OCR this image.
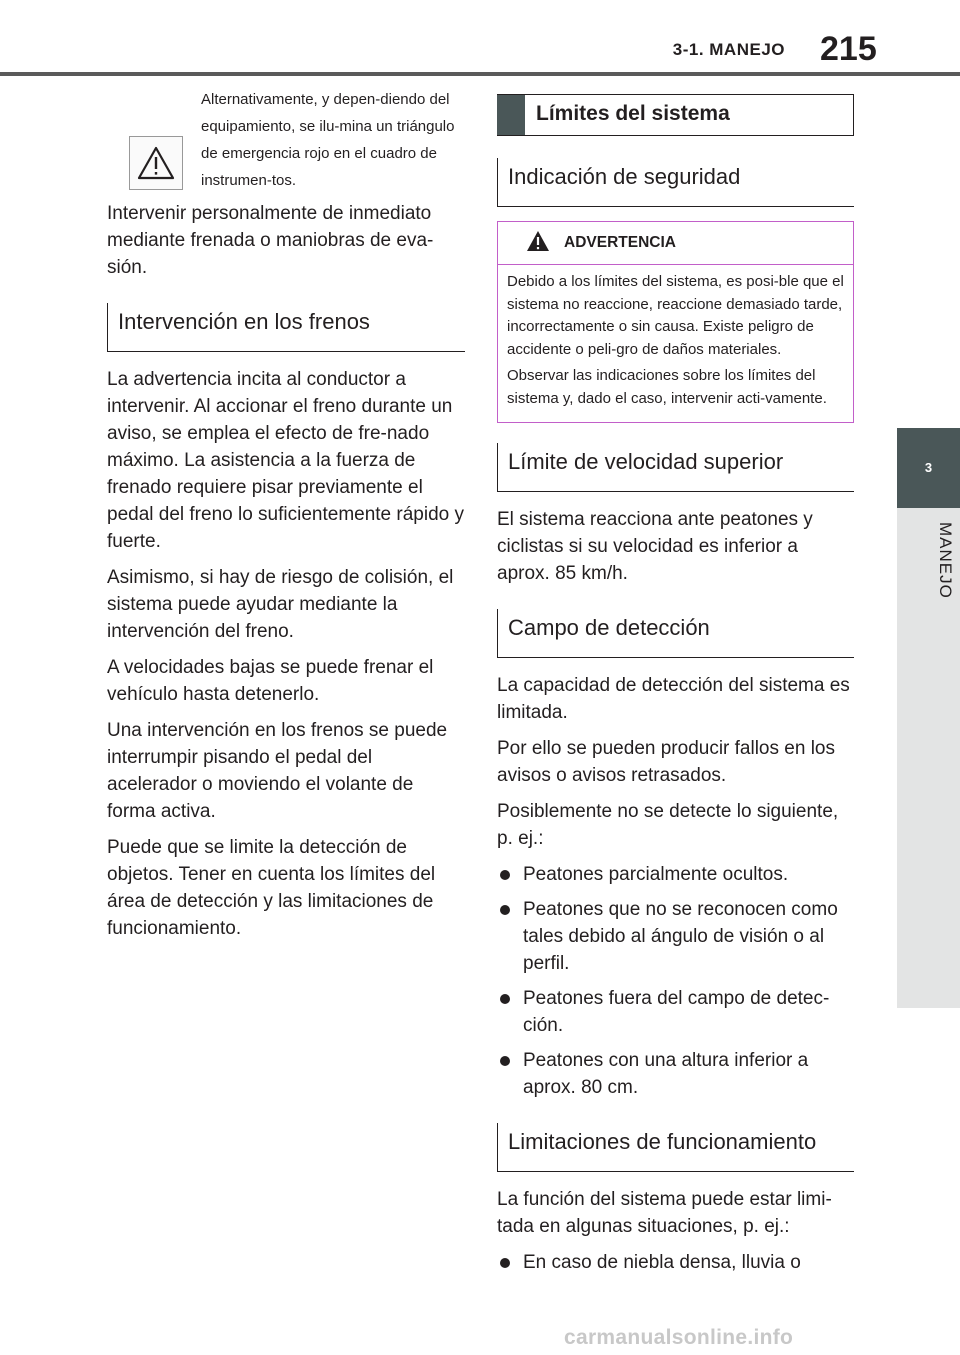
3-1. MANEJO 215
3
MANEJO
Alternativamente, y depen-diendo del equipamiento, se ilu-mina un triángulo de emergencia rojo en el cuadro de instrumen-tos.

Intervenir personalmente de inmediato mediante frenada o maniobras de eva-sión.

Intervención en los frenos

La advertencia incita al conductor a intervenir. Al accionar el freno durante un aviso, se emplea el efecto de fre-nado máximo. La asistencia a la fuerza de frenado requiere pisar previamente el pedal del freno lo suficientemente rápido y fuerte.

Asimismo, si hay de riesgo de colisión, el sistema puede ayudar mediante la intervención del freno.

A velocidades bajas se puede frenar el vehículo hasta detenerlo.

Una intervención en los frenos se puede interrumpir pisando el pedal del acelerador o moviendo el volante de forma activa.

Puede que se limite la detección de objetos. Tener en cuenta los límites del área de detección y las limitaciones de funcionamiento.

Límites del sistema
Indicación de seguridad
ADVERTENCIA

Debido a los límites del sistema, es posi-ble que el sistema no reaccione, reaccione demasiado tarde, incorrectamente o sin causa. Existe peligro de accidente o peli-gro de daños materiales.

Observar las indicaciones sobre los límites del sistema y, dado el caso, intervenir acti-vamente.

Límite de velocidad superior

El sistema reacciona ante peatones y ciclistas si su velocidad es inferior a aprox. 85 km/h.

Campo de detección

La capacidad de detección del sistema es limitada.

Por ello se pueden producir fallos en los avisos o avisos retrasados.

Posiblemente no se detecte lo siguiente, p. ej.:

Peatones parcialmente ocultos.
Peatones que no se reconocen como tales debido al ángulo de visión o al perfil.
Peatones fuera del campo de detec-ción.
Peatones con una altura inferior a aprox. 80 cm.
Limitaciones de funcionamiento

La función del sistema puede estar limi-tada en algunas situaciones, p. ej.:

En caso de niebla densa, lluvia o
carmanualsonline.info
